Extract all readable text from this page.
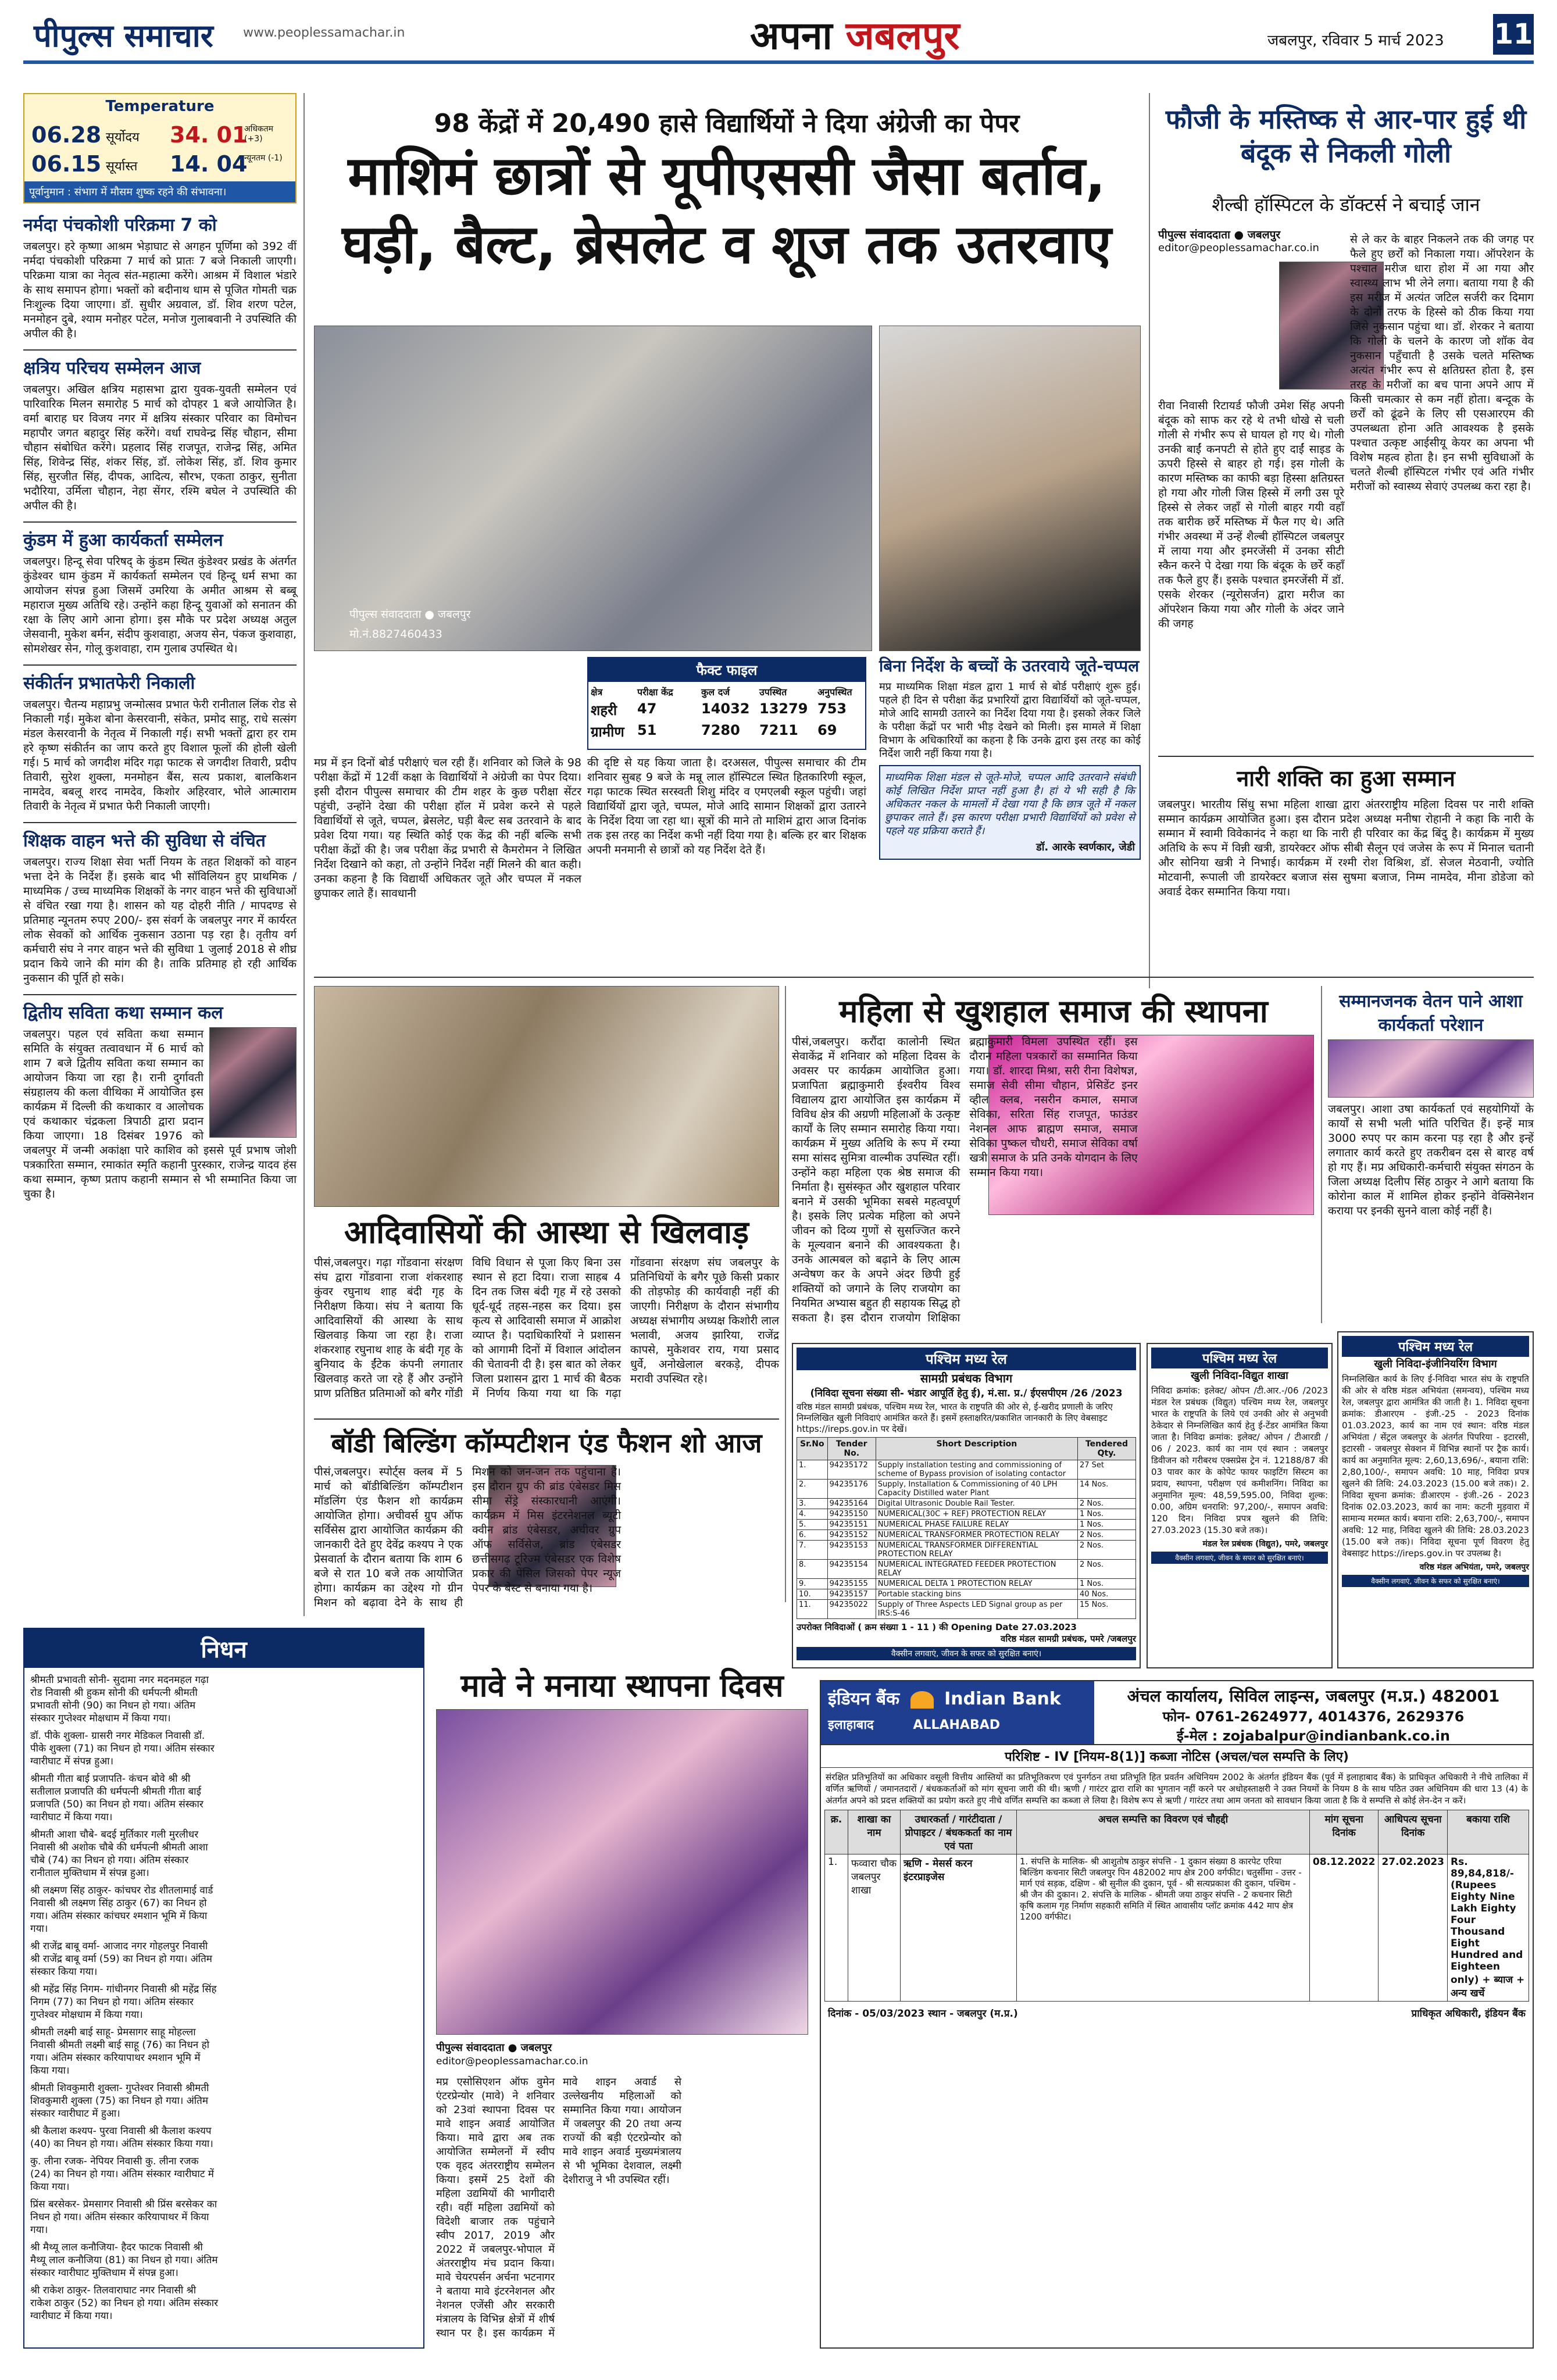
पीपुल्स समाचार www.peoplessamachar.in	अपना जबलपुर	जबलपुर, रविवार 5 मार्च 2023 11
Temperature
06.28 सूर्योदय
06.15 सूर्यास्त
34. 01
अधिकतम (+3)
14. 04
न्यूनतम (-1)
पूर्वानुमान : संभाग में मौसम शुष्क रहने की संभावना।
नर्मदा पंचकोशी परिक्रमा 7 को

जबलपुर। हरे कृष्णा आश्रम भेड़ाघाट से अगहन पूर्णिमा को 392 वीं नर्मदा पंचकोशी परिक्रमा 7 मार्च को प्रातः 7 बजे निकाली जाएगी। परिक्रमा यात्रा का नेतृत्व संत-महात्मा करेंगे। आश्रम में विशाल भंडारे के साथ समापन होगा। भक्तों को बदीनाथ धाम से पूजित गोमती चक्र निःशुल्क दिया जाएगा। डॉ. सुधीर अग्रवाल, डॉ. शिव शरण पटेल, मनमोहन दुबे, श्याम मनोहर पटेल, मनोज गुलाबवानी ने उपस्थिति की अपील की है।

क्षत्रिय परिचय सम्मेलन आज

जबलपुर। अखिल क्षत्रिय महासभा द्वारा युवक-युवती सम्मेलन एवं पारिवारिक मिलन समारोह 5 मार्च को दोपहर 1 बजे आयोजित है। वर्मा बाराह घर विजय नगर में क्षत्रिय संस्कार परिवार का विमोचन महापौर जगत बहादुर सिंह करेंगे। वर्धा राघवेन्द्र सिंह चौहान, सीमा चौहान संबोधित करेंगे। प्रहलाद सिंह राजपूत, राजेन्द्र सिंह, अमित सिंह, शिवेन्द्र सिंह, शंकर सिंह, डॉ. लोकेश सिंह, डॉ. शिव कुमार सिंह, सुरजीत सिंह, दीपक, आदित्य, सौरभ, एकता ठाकुर, सुनीता भदौरिया, उर्मिला चौहान, नेहा सेंगर, रश्मि बघेल ने उपस्थिति की अपील की है।

कुंडम में हुआ कार्यकर्ता सम्मेलन

जबलपुर। हिन्दू सेवा परिषद् के कुंडम स्थित कुंडेश्वर प्रखंड के अंतर्गत कुंडेश्वर धाम कुंडम में कार्यकर्ता सम्मेलन एवं हिन्दू धर्म सभा का आयोजन संपन्न हुआ जिसमें उमरिया के अमीत आश्रम से बब्बू महाराज मुख्य अतिथि रहे। उन्होंने कहा हिन्दू युवाओं को सनातन की रक्षा के लिए आगे आना होगा। इस मौके पर प्रदेश अध्यक्ष अतुल जेसवानी, मुकेश बर्मन, संदीप कुशवाहा, अजय सेन, पंकज कुशवाहा, सोमशेखर सेन, गोलू कुशवाहा, राम गुलाब उपस्थित थे।

संकीर्तन प्रभातफेरी निकाली

जबलपुर। चैतन्य महाप्रभु जन्मोत्सव प्रभात फेरी रानीताल लिंक रोड से निकाली गई। मुकेश बोना केसरवानी, संकेत, प्रमोद साहू, राधे सत्संग मंडल केसरवानी के नेतृत्व में निकाली गई। सभी भक्तों द्वारा हर राम हरे कृष्ण संकीर्तन का जाप करते हुए विशाल फूलों की होली खेली गई। 5 मार्च को जगदीश मंदिर गढ़ा फाटक से जगदीश तिवारी, प्रदीप तिवारी, सुरेश शुक्ला, मनमोहन बैंस, सत्य प्रकाश, बालकिशन नामदेव, बबलू शरद नामदेव, किशोर अहिरवार, भोले आत्माराम तिवारी के नेतृत्व में प्रभात फेरी निकाली जाएगी।

शिक्षक वाहन भत्ते की सुविधा से वंचित

जबलपुर। राज्य शिक्षा सेवा भर्ती नियम के तहत शिक्षकों को वाहन भत्ता देने के निर्देश हैं। इसके बाद भी सॉविलियन हुए प्राथमिक / माध्यमिक / उच्च माध्यमिक शिक्षकों के नगर वाहन भत्ते की सुविधाओं से वंचित रखा गया है। शासन को यह दोहरी नीति / मापदण्ड से प्रतिमाह न्यूनतम रुपए 200/- इस संवर्ग के जबलपुर नगर में कार्यरत लोक सेवकों को आर्थिक नुकसान उठाना पड़ रहा है। तृतीय वर्ग कर्मचारी संघ ने नगर वाहन भत्ते की सुविधा 1 जुलाई 2018 से शीघ्र प्रदान किये जाने की मांग की है। ताकि प्रतिमाह हो रही आर्थिक नुकसान की पूर्ति हो सके।

द्वितीय सविता कथा सम्मान कल

जबलपुर। पहल एवं सविता कथा सम्मान समिति के संयुक्त तत्वावधान में 6 मार्च को शाम 7 बजे द्वितीय सविता कथा सम्मान का आयोजन किया जा रहा है। रानी दुर्गावती संग्रहालय की कला वीथिका में आयोजित इस कार्यक्रम में दिल्ली की कथाकार व आलोचक एवं कथाकार चंद्रकला त्रिपाठी द्वारा प्रदान किया जाएगा। 18 दिसंबर 1976 को जबलपुर में जन्मी अकांक्षा पारे काशिव को इससे पूर्व प्रभाष जोशी पत्रकारिता सम्मान, रमाकांत स्मृति कहानी पुरस्कार, राजेन्द्र यादव हंस कथा सम्मान, कृष्ण प्रताप कहानी सम्मान से भी सम्मानित किया जा चुका है।

98 केंद्रों में 20,490 हासे विद्यार्थियों ने दिया अंग्रेजी का पेपर
माशिमं छात्रों से यूपीएससी जैसा बर्ताव, घड़ी, बैल्ट, ब्रेसलेट व शूज तक उतरवाए
पीपुल्स संवाददाता ● जबलपुर
मो.नं.8827460433
फैक्ट फाइल
क्षेत्र	परीक्षा केंद्र	कुल दर्ज	उपस्थित	अनुपस्थित
शहरी	47	14032 13279 753
ग्रामीण 51	7280	7211	69

मप्र में इन दिनों बोर्ड परीक्षाएं चल रही हैं। शनिवार को जिले के 98 परीक्षा केंद्रों में 12वीं कक्षा के विद्यार्थियों ने अंग्रेजी का पेपर दिया। इसी दौरान पीपुल्स समाचार की टीम शहर के कुछ परीक्षा सेंटर पहुंची, उन्होंने देखा की परीक्षा हॉल में प्रवेश करने से पहले विद्यार्थियों से जूते, चप्पल, ब्रेसलेट, घड़ी बैल्ट सब उतरवाने के बाद प्रवेश दिया गया। यह स्थिति कोई एक केंद्र की नहीं बल्कि सभी परीक्षा केंद्रों की है। जब परीक्षा केंद्र प्रभारी से कैमराेमन ने लिखित निर्देश दिखाने को कहा, तो उन्होंने निर्देश नहीं मिलने की बात कही। उनका कहना है कि विद्यार्थी अधिकतर जूते और चप्पल में नकल छुपाकर लाते हैं। सावधानी

की दृष्टि से यह किया जाता है। दरअसल, पीपुल्स समाचार की टीम शनिवार सुबह 9 बजे के मन्नू लाल हॉस्पिटल स्थित हितकारिणी स्कूल, गढ़ा फाटक स्थित सरस्वती शिशु मंदिर व एमएलबी स्कूल पहुंची। जहां विद्यार्थियों द्वारा जूते, चप्पल, मोजे आदि सामान शिक्षकों द्वारा उतारने के निर्देश दिया जा रहा था। सूत्रों की माने तो माशिमं द्वारा आज दिनांक तक इस तरह का निर्देश कभी नहीं दिया गया है। बल्कि हर बार शिक्षक अपनी मनमानी से छात्रों को यह निर्देश देते हैं।

बिना निर्देश के बच्चों के उतरवाये जूते-चप्पल

मप्र माध्यमिक शिक्षा मंडल द्वारा 1 मार्च से बोर्ड परीक्षाएं शुरू हुई। पहले ही दिन से परीक्षा केंद्र प्रभारियों द्वारा विद्यार्थियों को जूते-चप्पल, मोजे आदि सामग्री उतारने का निर्देश दिया गया है। इसको लेकर जिले के परीक्षा केंद्रों पर भारी भीड़ देखने को मिली। इस मामले में शिक्षा विभाग के अधिकारियों का कहना है कि उनके द्वारा इस तरह का कोई निर्देश जारी नहीं किया गया है।

माध्यमिक शिक्षा मंडल से जूते-मोजे, चप्पल आदि उतरवाने संबंधी कोई लिखित निर्देश प्राप्त नहीं हुआ है। हां ये भी सही है कि अधिकतर नकल के मामलों में देखा गया है कि छात्र जूते में नकल छुपाकर लाते हैं। इस कारण परीक्षा प्रभारी विद्यार्थियों को प्रवेश से पहले यह प्रक्रिया कराते हैं।

डॉ. आरके स्वर्णकार, जेडी
फौजी के मस्तिष्क से आर-पार हुई थी बंदूक से निकली गोली
शैल्बी हॉस्पिटल के डॉक्टर्स ने बचाई जान
पीपुल्स संवाददाता ● जबलपुर
editor@peoplessamachar.co.in

रीवा निवासी रिटायर्ड फौजी उमेश सिंह अपनी बंदूक को साफ कर रहे थे तभी धोखे से चली गोली से गंभीर रूप से घायल हो गए थे। गोली उनकी बाईं कनपटी से होते हुए दाईं साइड के ऊपरी हिस्से से बाहर हो गई। इस गोली के कारण मस्तिष्क का काफी बड़ा हिस्सा क्षतिग्रस्त हो गया और गोली जिस हिस्से में लगी उस पूरे हिस्से से लेकर जहाँ से गोली बाहर गयी वहाँ तक बारीक छर्रे मस्तिष्क में फैल गए थे। अति गंभीर अवस्था में उन्हें शैल्बी हॉस्पिटल जबलपुर में लाया गया और इमरजेंसी में उनका सीटी स्कैन करने पे देखा गया कि बंदूक के छर्रे कहाँ तक फैले हुए हैं। इसके पश्चात इमरजेंसी में डॉ. एसके शेरकर (न्यूरोसर्जन) द्वारा मरीज का ऑपरेशन किया गया और गोली के अंदर जाने की जगह

से ले कर के बाहर निकलने तक की जगह पर फैले हुए छर्रों को निकाला गया। ऑपरेशन के पश्चात मरीज धारा होश में आ गया और स्वास्थ्य लाभ भी लेने लगा। बताया गया है की इस मरीज में अत्यंत जटिल सर्जरी कर दिमाग के दोनों तरफ के हिस्से को ठीक किया गया जिसे नुकसान पहुंचा था। डॉ. शेरकर ने बताया कि गोली के चलने के कारण जो शॉक वेव नुकसान पहुँचाती है उसके चलते मस्तिष्क अत्यंत गंभीर रूप से क्षतिग्रस्त होता है, इस तरह के मरीजों का बच पाना अपने आप में किसी चमत्कार से कम नहीं होता। बन्दूक के छर्रों को ढूंढने के लिए सी एसआरएम की उपलब्धता होना अति आवश्यक है इसके पश्चात उत्कृष्ट आईसीयू केयर का अपना भी विशेष महत्व होता है। इन सभी सुविधाओं के चलते शैल्बी हॉस्पिटल गंभीर एवं अति गंभीर मरीजों को स्वास्थ्य सेवाएं उपलब्ध करा रहा है।

नारी शक्ति का हुआ सम्मान

जबलपुर। भारतीय सिंधु सभा महिला शाखा द्वारा अंतरराष्ट्रीय महिला दिवस पर नारी शक्ति सम्मान कार्यक्रम आयोजित हुआ। इस दौरान प्रदेश अध्यक्ष मनीषा रोहानी ने कहा कि नारी के सम्मान में स्वामी विवेकानंद ने कहा था कि नारी ही परिवार का केंद्र बिंदु है। कार्यक्रम में मुख्य अतिथि के रूप में विन्नी खत्री, डायरेक्टर ऑफ सीबी सैलून एवं जजेस के रूप में मिनाल चतानी और सोनिया खत्री ने निभाई। कार्यक्रम में रश्मी रोश विश्रिश, डॉ. सेजल मेठवानी, ज्योति मोटवानी, रूपाली जी डायरेक्टर बजाज संस सुषमा बजाज, निम्म नामदेव, मीना डोडेजा को अवार्ड देकर सम्मानित किया गया।

आदिवासियों की आस्था से खिलवाड़

पीसं,जबलपुर। गढ़ा गोंडवाना संरक्षण संघ द्वारा गोंडवाना राजा शंकरशाह कुंवर रघुनाथ शाह बंदी गृह के निरीक्षण किया। संघ ने बताया कि आदिवासियों की आस्था के साथ खिलवाड़ किया जा रहा है। राजा शंकरशाह रघुनाथ शाह के बंदी गृह के बुनियाद के ईंटेक कंपनी लगातार खिलवाड़ करते जा रहे हैं और उन्होंने प्राण प्रतिष्ठित प्रतिमाओं को बगैर गोंडी विधि विधान से पूजा किए बिना उस स्थान से हटा दिया। राजा साहब 4 दिन तक जिस बंदी गृह में रहे उसको धूर्द-धूर्द तहस-नहस कर दिया। इस कृत्य से आदिवासी समाज में आक्रोश व्याप्त है। पदाधिकारियों ने प्रशासन को आगामी दिनों में विशाल आंदोलन की चेतावनी दी है। इस बात को लेकर जिला प्रशासन द्वारा 1 मार्च की बैठक में निर्णय किया गया था कि गढ़ा गोंडवाना संरक्षण संघ जबलपुर के प्रतिनिधियों के बगैर पूछे किसी प्रकार की तोड़फोड़ की कार्यवाही नहीं की जाएगी। निरीक्षण के दौरान संभागीय अध्यक्ष संभागीय अध्यक्ष किशोरी लाल भलावी, अजय झारिया, राजेंद्र कापसे, मुकेशवर राय, गया प्रसाद धुर्वे, अनोखेलाल बरकड़े, दीपक मरावी उपस्थित रहे।

महिला से खुशहाल समाज की स्थापना

पीसं,जबलपुर। करौंदा कालोनी स्थित सेवाकेंद्र में शनिवार को महिला दिवस के अवसर पर कार्यक्रम आयोजित हुआ। प्रजापिता ब्रह्माकुमारी ईश्वरीय विश्व विद्यालय द्वारा आयोजित इस कार्यक्रम में विविध क्षेत्र की अग्रणी महिलाओं के उत्कृष्ट कार्यों के लिए सम्मान समारोह किया गया। कार्यक्रम में मुख्य अतिथि के रूप में रम्या समा सांसद सुमित्रा वाल्मीक उपस्थित रहीं। उन्होंने कहा महिला एक श्रेष्ठ समाज की निर्माता है। सुसंस्कृत और खुशहाल परिवार बनाने में उसकी भूमिका सबसे महत्वपूर्ण है। इसके लिए प्रत्येक महिला को अपने जीवन को दिव्य गुणों से सुसज्जित करने के मूल्यवान बनाने की आवश्यकता है। उनके आत्मबल को बढ़ाने के लिए आत्म अन्वेषण कर के अपने अंदर छिपी हुई शक्तियों को जगाने के लिए राजयोग का नियमित अभ्यास बहुत ही सहायक सिद्ध हो सकता है। इस दौरान राजयोग शिक्षिका ब्रह्माकुमारी विमला उपस्थित रहीं। इस दौरान महिला पत्रकारों का सम्मानित किया गया। डॉ. शारदा मिश्रा, सरी रीना विशेषज्ञ, समाज सेवी सीमा चौहान, प्रेसिडेंट इनर व्हील क्लब, नसरीन कमाल, समाज सेविका, सरिता सिंह राजपूत, फाउंडर नेशनल आफ ब्राह्मण समाज, समाज सेविका पुष्कल चौधरी, समाज सेविका वर्षा खत्री समाज के प्रति उनके योगदान के लिए सम्मान किया गया।

सम्मानजनक वेतन पाने आशा कार्यकर्ता परेशान

जबलपुर। आशा उषा कार्यकर्ता एवं सहयोगियों के कार्यों से सभी भली भांति परिचित हैं। इन्हें मात्र 3000 रुपए पर काम करना पड़ रहा है और इन्हें लगातार कार्य करते हुए तकरीबन दस से बारह वर्ष हो गए हैं। मप्र अधिकारी-कर्मचारी संयुक्त संगठन के जिला अध्यक्ष दिलीप सिंह ठाकुर ने आगे बताया कि कोरोना काल में शामिल होकर इन्होंने वेक्सिनेशन कराया पर इनकी सुनने वाला कोई नहीं है।

बॉडी बिल्डिंग कॉम्पटीशन एंड फैशन शो आज

पीसं,जबलपुर। स्पोर्ट्स क्लब में 5 मार्च को बॉडीबिल्डिंग कॉम्पटीशन मॉडलिंग एंड फैशन शो कार्यक्रम आयोजित होगा। अचीवर्स ग्रुप ऑफ सर्विसेस द्वारा आयोजित कार्यक्रम की जानकारी देते हुए देवेंद्र कश्यप ने एक प्रेसवार्ता के दौरान बताया कि शाम 6 बजे से रात 10 बजे तक आयोजित होगा। कार्यक्रम का उद्देश्य गो ग्रीन मिशन को बढ़ावा देने के साथ ही मिशन को जन-जन तक पहुंचाना है। इस दौरान ग्रुप की ब्रांड एंबेसडर मिस सीमा सेंड्रे संस्कारधानी आएंगी। कार्यक्रम में मिस इंटरनेशनल ब्यूटी क्वीन ब्रांड एंबेसडर, अचीवर ग्रुप ऑफ सर्विसेज, ब्रांड एंबेसडर छत्तीसगढ़ टूरिज्म एंबेसडर एक विशेष प्रकार की पेंसिल जिसको पेपर न्यूज पेपर के बेस्ट से बनाया गया है।

पश्चिम मध्य रेल
सामग्री प्रबंधक विभाग
(निविदा सूचना संख्या सी- भंडार आपूर्ति हेतु ई), मं.सा. प्र./ ईएसपीएम /26 /2023
वरिष्ठ मंडल सामग्री प्रबंधक, पश्चिम मध्य रेल, भारत के राष्ट्रपति की ओर से, ई-खरीद प्रणाली के जरिए निम्नलिखित खुली निविदाएं आमंत्रित करते हैं। इसमें हस्ताक्षरित/प्रकाशित जानकारी के लिए वेबसाइट https://ireps.gov.in पर देखें।
Sr.No	Tender No.	Short Description	Tendered Qty.
1.	94235172	Supply installation testing and commissioning of scheme of Bypass provision of isolating contactor	27 Set
2.	94235176	Supply, Installation & Commissioning of 40 LPH Capacity Distilled water Plant	14 Nos.
3.	94235164	Digital Ultrasonic Double Rail Tester.	2 Nos.
4.	94235150	NUMERICAL(30C + REF) PROTECTION RELAY	1 Nos.
5.	94235151	NUMERICAL PHASE FAILURE RELAY	1 Nos.
6.	94235152	NUMERICAL TRANSFORMER PROTECTION RELAY	2 Nos.
7.	94235153	NUMERICAL TRANSFORMER DIFFERENTIAL PROTECTION RELAY	2 Nos.
8.	94235154	NUMERICAL INTEGRATED FEEDER PROTECTION RELAY	2 Nos.
9.	94235155	NUMERICAL DELTA 1 PROTECTION RELAY	1 Nos.
10.	94235157	Portable stacking bins	40 Nos.
11.	94235022	Supply of Three Aspects LED Signal group as per IRS:S-46	15 Nos.
उपरोक्त निविदाओं ( क्रम संख्या 1 - 11 ) की Opening Date 27.03.2023
वरिष्ठ मंडल सामग्री प्रबंधक, पमरे /जबलपुर
वैक्सीन लगवाएं, जीवन के सफर को सुरक्षित बनाएं।
पश्चिम मध्य रेल
खुली निविदा-विद्युत शाखा
निविदा क्रमांक: इलेक्ट/ ओपन /टी.आर.-/06 /2023 मंडल रेल प्रबंधक (विद्युत) पश्चिम मध्य रेल, जबलपुर भारत के राष्ट्रपति के लिये एवं उनकी ओर से अनुभवी ठेकेदार से निम्नलिखित कार्य हेतु ई-टेंडर आमंत्रित किया जाता है। निविदा क्रमांक: इलेक्ट/ ओपन / टीआरडी / 06 / 2023. कार्य का नाम एवं स्थान : जबलपुर डिवीजन को गरीबरथ एक्सप्रेस ट्रेन नं. 12188/87 की 03 पावर कार के कोपेट फायर फाइटिंग सिस्टम का प्रदाय, स्थापना, परीक्षण एवं कमीशनिंग। निविदा का अनुमानित मूल्य: 48,59,595.00, निविदा शुल्क: 0.00, अग्रिम धनराशि: 97,200/-, समापन अवधि: 120 दिन। निविदा प्रपत्र खुलने की तिथि: 27.03.2023 (15.30 बजे तक)।
मंडल रेल प्रबंधक (विद्युत), पमरे, जबलपुर
वैक्सीन लगवाएं, जीवन के सफर को सुरक्षित बनाएं।
पश्चिम मध्य रेल
खुली निविदा-इंजीनियरिंग विभाग
निम्नलिखित कार्य के लिए ई-निविदा भारत संघ के राष्ट्रपति की ओर से वरिष्ठ मंडल अभियंता (समन्वय), पश्चिम मध्य रेल, जबलपुर द्वारा आमंत्रित की जाती है। 1. निविदा सूचना क्रमांक: डीआरएम - इंजी.-25 - 2023 दिनांक 01.03.2023, कार्य का नाम एवं स्थान: वरिष्ठ मंडल अभियंता / सेंट्रल जबलपुर के अंतर्गत पिपरिया - इटारसी, इटारसी - जबलपुर सेक्शन में विभिन्न स्थानों पर ट्रैक कार्य। कार्य का अनुमानित मूल्य: 2,60,13,696/-, बयाना राशि: 2,80,100/-, समापन अवधि: 10 माह, निविदा प्रपत्र खुलने की तिथि: 24.03.2023 (15.00 बजे तक)। 2. निविदा सूचना क्रमांक: डीआरएम - इंजी.-26 - 2023 दिनांक 02.03.2023, कार्य का नाम: कटनी मुड़वारा में सामान्य मरम्मत कार्य। बयाना राशि: 2,63,700/-, समापन अवधि: 12 माह, निविदा खुलने की तिथि: 28.03.2023 (15.00 बजे तक)। निविदा सूचना पूर्ण विवरण हेतु वेबसाइट https://ireps.gov.in पर उपलब्ध है।
वरिष्ठ मंडल अभियंता, पमरे, जबलपुर
वैक्सीन लगवाएं, जीवन के सफर को सुरक्षित बनाएं।
निधन
श्रीमती प्रभावती सोनी- सुदामा नगर मदनमहल गढ़ा रोड निवासी श्री हुकम सोनी की धर्मपत्नी श्रीमती प्रभावती सोनी (90) का निधन हो गया। अंतिम संस्कार गुप्तेश्वर मोक्षधाम में किया गया।
डॉ. पीके शुक्ला- ग्रासरी नगर मेडिकल निवासी डॉ. पीके शुक्ला (71) का निधन हो गया। अंतिम संस्कार ग्वारीघाट में संपन्न हुआ।
श्रीमती गीता बाई प्रजापति- कंचन बोवे श्री श्री सतीलाल प्रजापति की धर्मपत्नी श्रीमती गीता बाई प्रजापति (50) का निधन हो गया। अंतिम संस्कार ग्वारीघाट में किया गया।
श्रीमती आशा चौबे- बदई मुर्तिकार गली मुरलीधर निवासी श्री अशोक चौबे की धर्मपत्नी श्रीमती आशा चौबे (74) का निधन हो गया। अंतिम संस्कार रानीताल मुक्तिधाम में संपन्न हुआ।
श्री लक्ष्मण सिंह ठाकुर- कांचघर रोड शीतलामाई वार्ड निवासी श्री लक्ष्मण सिंह ठाकुर (67) का निधन हो गया। अंतिम संस्कार कांचघर श्मशान भूमि में किया गया।
श्री राजेंद्र बाबू वर्मा- आजाद नगर गोहलपुर निवासी श्री राजेंद्र बाबू वर्मा (59) का निधन हो गया। अंतिम संस्कार किया गया।
श्री महेंद्र सिंह निगम- गांधीनगर निवासी श्री महेंद्र सिंह निगम (77) का निधन हो गया। अंतिम संस्कार गुप्तेश्वर मोक्षधाम में किया गया।
श्रीमती लक्ष्मी बाई साहू- प्रेमसागर साहू मोहल्ला निवासी श्रीमती लक्ष्मी बाई साहू (76) का निधन हो गया। अंतिम संस्कार करियापाथर श्मशान भूमि में किया गया।
श्रीमती शिवकुमारी शुक्ला- गुप्तेश्वर निवासी श्रीमती शिवकुमारी शुक्ला (75) का निधन हो गया। अंतिम संस्कार ग्वारीघाट में हुआ।
श्री कैलाश कश्यप- पुरवा निवासी श्री कैलाश कश्यप (40) का निधन हो गया। अंतिम संस्कार किया गया।
कु. लीना रजक- नेपियर निवासी कु. लीना रजक (24) का निधन हो गया। अंतिम संस्कार ग्वारीघाट में किया गया।
प्रिंस बरसेकर- प्रेमसागर निवासी श्री प्रिंस बरसेकर का निधन हो गया। अंतिम संस्कार करियापाथर में किया गया।
श्री मैथ्यू लाल कनौजिया- हैदर फाटक निवासी श्री मैथ्यू लाल कनौजिया (81) का निधन हो गया। अंतिम संस्कार ग्वारीघाट मुक्तिधाम में संपन्न हुआ।
श्री राकेश ठाकुर- तिलवाराघाट नगर निवासी श्री राकेश ठाकुर (52) का निधन हो गया। अंतिम संस्कार ग्वारीघाट में किया गया।
मावे ने मनाया स्थापना दिवस
पीपुल्स संवाददाता ● जबलपुर
editor@peoplessamachar.co.in

मप्र एसोसिएशन ऑफ वुमेन एंटरप्रेन्योर (मावे) ने शनिवार को 23वां स्थापना दिवस पर मावे शाइन अवार्ड आयोजित किया। मावे द्वारा अब तक आयोजित सम्मेलनों में स्वीप एक वृहद अंतरराष्ट्रीय सम्मेलन किया। इसमें 25 देशों की महिला उद्यमियों की भागीदारी रही। वहीं महिला उद्यमियों को विदेशी बाजार तक पहुंचाने स्वीप 2017, 2019 और 2022 में जबलपुर-भोपाल में अंतरराष्ट्रीय मंच प्रदान किया। मावे चेयरपर्सन अर्चना भटनागर ने बताया मावे इंटरनेशनल और नेशनल एजेंसी और सरकारी मंत्रालय के विभिन्न क्षेत्रों में शीर्ष स्थान पर है। इस कार्यक्रम में मावे शाइन अवार्ड से उल्लेखनीय महिलाओं को सम्मानित किया गया। आयोजन में जबलपुर की 20 तथा अन्य राज्यों की बड़ी एंटरप्रेन्योर को मावे शाइन अवार्ड मुख्यमंत्रालय से भी भूमिका देशवाल, लक्ष्मी देशीराजु ने भी उपस्थित रहीं।

इंडियन बैंक	Indian Bank
इलाहाबाद	ALLAHABAD
अंचल कार्यालय, सिविल लाइन्स, जबलपुर (म.प्र.) 482001
फोन- 0761-2624977, 4014376, 2629376
ई-मेल : zojabalpur@indianbank.co.in
परिशिष्ट - IV [नियम-8(1)] कब्जा नोटिस (अचल/चल सम्पत्ति के लिए)
संरक्षित प्रतिभूतियों का अधिकार वसूली वित्तीय आस्तियों का प्रतिभूतिकरण एवं पुनर्गठन तथा प्रतिभूति हित प्रवर्तन अधिनियम 2002 के अंतर्गत इंडियन बैंक (पूर्व में इलाहाबाद बैंक) के प्राधिकृत अधिकारी ने नीचे तालिका में वर्णित ऋणियों / जमानतदारों / बंधककर्ताओं को मांग सूचना जारी की थी। ऋणी / गारंटर द्वारा राशि का भुगतान नहीं करने पर अधोहस्ताक्षरी ने उक्त नियमों के नियम 8 के साथ पठित उक्त अधिनियम की धारा 13 (4) के अंतर्गत अपने को प्रदत्त शक्तियों का प्रयोग करते हुए नीचे वर्णित सम्पत्ति का कब्जा ले लिया है। विशेष रूप से ऋणी / गारंटर तथा आम जनता को सावधान किया जाता है कि वे सम्पत्ति से कोई लेन-देन न करें।
क्र.	शाखा का नाम	उधारकर्ता / गारंटीदाता / प्रोपाइटर / बंधककर्ता का नाम एवं पता	अचल सम्पत्ति का विवरण एवं चौहद्दी	मांग सूचना दिनांक	आधिपत्य सूचना दिनांक	बकाया राशि
1.	फव्वारा चौक जबलपुर शाखा	ऋणि - मेसर्स करन इंटरप्राइजेस	1. संपत्ति के मालिक- श्री आशुतोष ठाकुर संपत्ति - 1 दुकान संख्या 8 कारपेट एरिया बिल्डिंग कचनार सिटी जबलपुर पिन 482002 माप क्षेत्र 200 वर्गफीट। चतुर्सीमा - उत्तर - मार्ग एवं सड़क, दक्षिण - श्री सुनील की दुकान, पूर्व - श्री सत्यप्रकाश की दुकान, पश्चिम - श्री जैन की दुकान। 2. संपत्ति के मालिक - श्रीमती जया ठाकुर संपत्ति - 2 कचनार सिटी कृषि कलाम गृह निर्माण सहकारी समिति में स्थित आवासीय प्लॉट क्रमांक 442 माप क्षेत्र 1200 वर्गफीट।	08.12.2022	27.02.2023	Rs. 89,84,818/- (Rupees Eighty Nine Lakh Eighty Four Thousand Eight Hundred and Eighteen only) + ब्याज + अन्य खर्चे
दिनांक - 05/03/2023 स्थान - जबलपुर (म.प्र.)	प्राधिकृत अधिकारी, इंडियन बैंक
